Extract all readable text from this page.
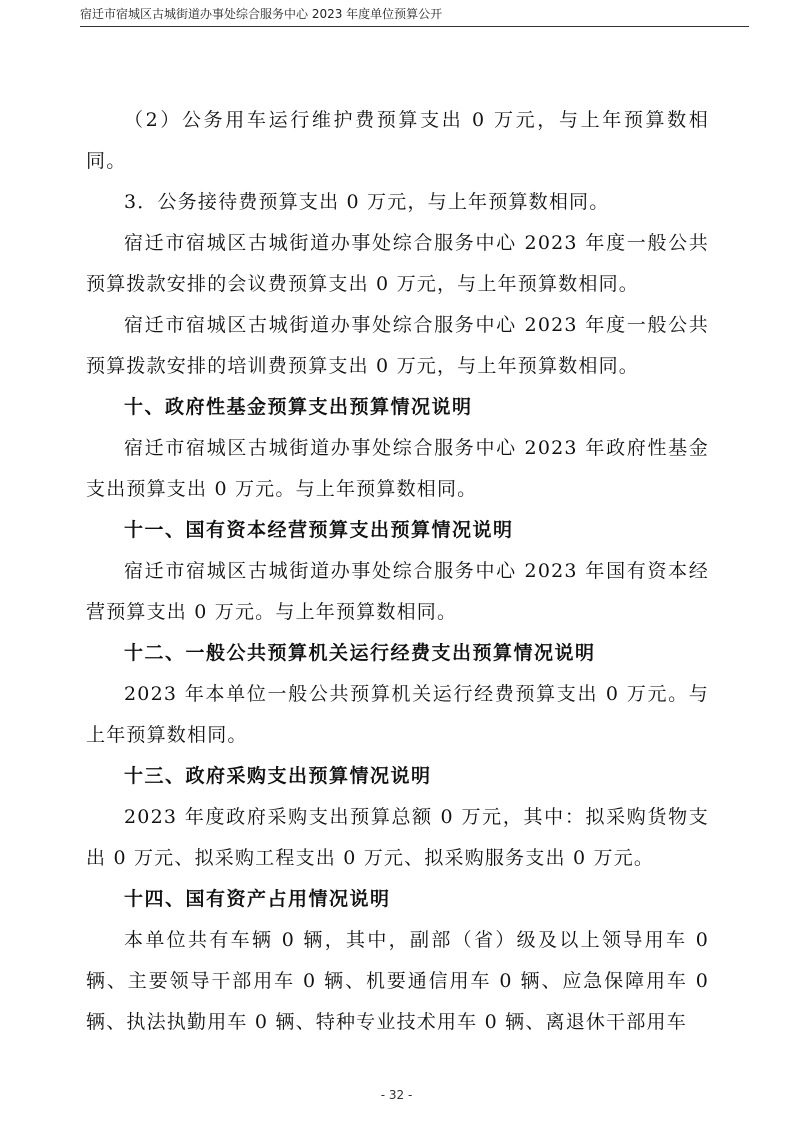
宿迁市宿城区古城街道办事处综合服务中心 2023 年度单位预算公开

（2）公务用车运行维护费预算支出 0 万元，与上年预算数相同。

3．公务接待费预算支出 0 万元，与上年预算数相同。

宿迁市宿城区古城街道办事处综合服务中心 2023 年度一般公共预算拨款安排的会议费预算支出 0 万元，与上年预算数相同。

宿迁市宿城区古城街道办事处综合服务中心 2023 年度一般公共预算拨款安排的培训费预算支出 0 万元，与上年预算数相同。

十、政府性基金预算支出预算情况说明

宿迁市宿城区古城街道办事处综合服务中心 2023 年政府性基金支出预算支出 0 万元。与上年预算数相同。

十一、国有资本经营预算支出预算情况说明

宿迁市宿城区古城街道办事处综合服务中心 2023 年国有资本经营预算支出 0 万元。与上年预算数相同。

十二、一般公共预算机关运行经费支出预算情况说明

2023 年本单位一般公共预算机关运行经费预算支出 0 万元。与上年预算数相同。

十三、政府采购支出预算情况说明

2023 年度政府采购支出预算总额 0 万元，其中：拟采购货物支出 0 万元、拟采购工程支出 0 万元、拟采购服务支出 0 万元。

十四、国有资产占用情况说明

本单位共有车辆 0 辆，其中，副部（省）级及以上领导用车 0 辆、主要领导干部用车 0 辆、机要通信用车 0 辆、应急保障用车 0 辆、执法执勤用车 0 辆、特种专业技术用车 0 辆、离退休干部用车

- 32 -
